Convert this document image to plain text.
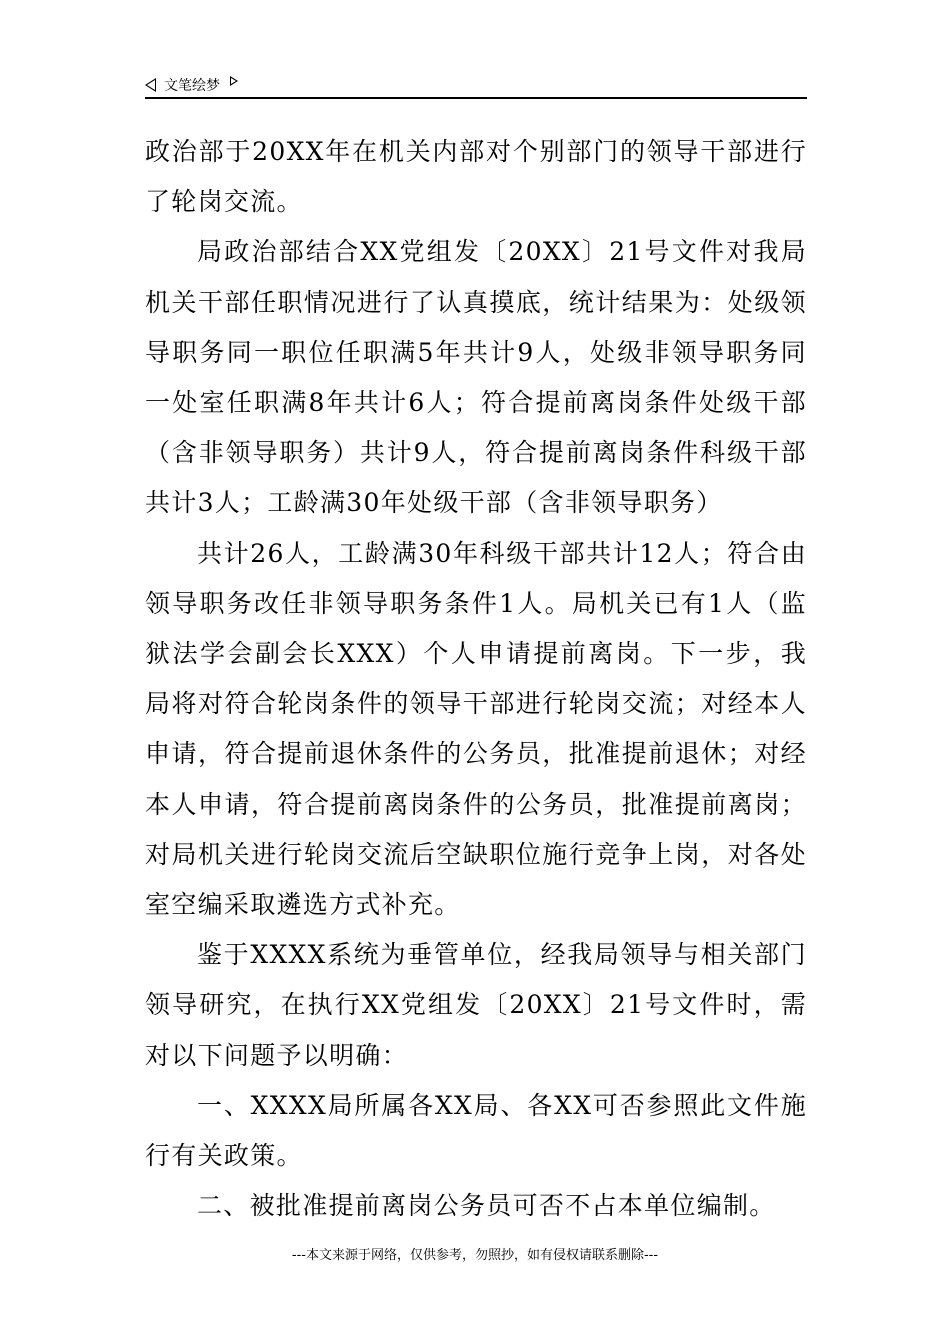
文笔绘梦

政治部于20XX年在机关内部对个别部门的领导干部进行了轮岗交流。

局政治部结合XX党组发〔20XX〕21号文件对我局机关干部任职情况进行了认真摸底，统计结果为：处级领导职务同一职位任职满5年共计9人，处级非领导职务同一处室任职满8年共计6人；符合提前离岗条件处级干部（含非领导职务）共计9人，符合提前离岗条件科级干部共计3人；工龄满30年处级干部（含非领导职务）

共计26人，工龄满30年科级干部共计12人；符合由领导职务改任非领导职务条件1人。局机关已有1人（监狱法学会副会长XXX）个人申请提前离岗。下一步，我局将对符合轮岗条件的领导干部进行轮岗交流；对经本人申请，符合提前退休条件的公务员，批准提前退休；对经本人申请，符合提前离岗条件的公务员，批准提前离岗；对局机关进行轮岗交流后空缺职位施行竞争上岗，对各处室空编采取遴选方式补充。

鉴于XXXX系统为垂管单位，经我局领导与相关部门领导研究，在执行XX党组发〔20XX〕21号文件时，需对以下问题予以明确：

一、XXXX局所属各XX局、各XX可否参照此文件施行有关政策。

二、被批准提前离岗公务员可否不占本单位编制。

---本文来源于网络，仅供参考，勿照抄，如有侵权请联系删除---
